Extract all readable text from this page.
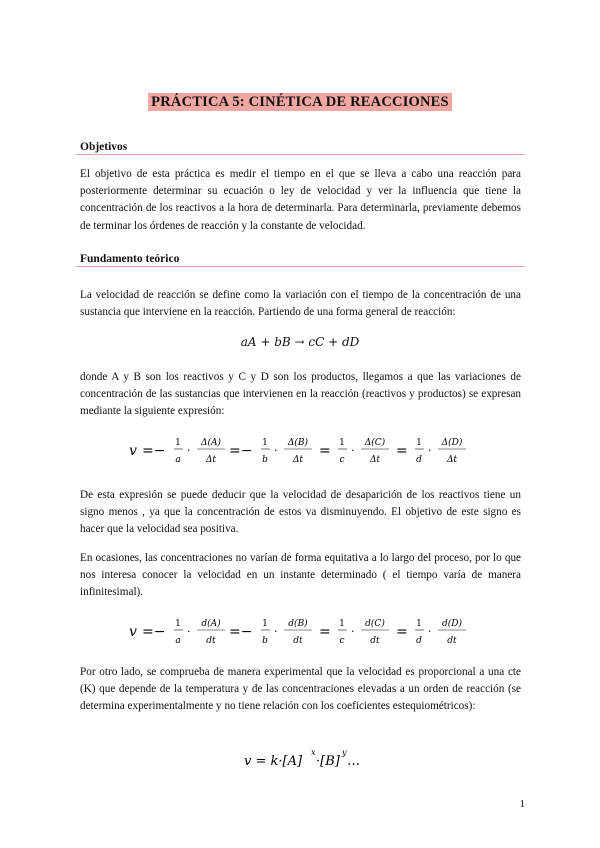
PRÁCTICA 5: CINÉTICA DE REACCIONES
Objetivos

El objetivo de esta práctica es medir el tiempo en el que se lleva a cabo una reacción para posteriormente determinar su ecuación o ley de velocidad y ver la influencia que tiene la concentración de los reactivos a la hora de determinarla. Para determinarla, previamente debemos de terminar los órdenes de reacción y la constante de velocidad.

Fundamento teórico

La velocidad de reacción se define como la variación con el tiempo de la concentración de una sustancia que interviene en la reacción. Partiendo de una forma general de reacción:

aA + bB → cC + dD

donde A y B son los reactivos y C y D son los productos, llegamos a que las variaciones de concentración de las sustancias que intervienen en la reacción (reactivos y productos) se expresan mediante la siguiente expresión:

v =− 1
a
·
Δ(A)
Δt
=− 1
b
·
Δ(B)
Δt
= 1
c
·
Δ(C)
Δt
= 1
d
·
Δ(D)
Δt

De esta expresión se puede deducir que la velocidad de desaparición de los reactivos tiene un signo menos , ya que la concentración de estos va disminuyendo. El objetivo de este signo es hacer que la velocidad sea positiva.

En ocasiones, las concentraciones no varían de forma equitativa a lo largo del proceso, por lo que nos interesa conocer la velocidad en un instante determinado ( el tiempo varía de manera infinitesimal).

v =− 1
a
·
d(A)
dt
=− 1
b
·
d(B)
dt
= 1
c
·
d(C)
dt
= 1
d
·
d(D)
dt

Por otro lado, se comprueba de manera experimental que la velocidad es proporcional a una cte (K) que depende de la temperatura y de las concentraciones elevadas a un orden de reacción (se determina experimentalmente y no tiene relación con los coeficientes estequiométricos):

v = k·[A]
x
·[B]
y
…
1
